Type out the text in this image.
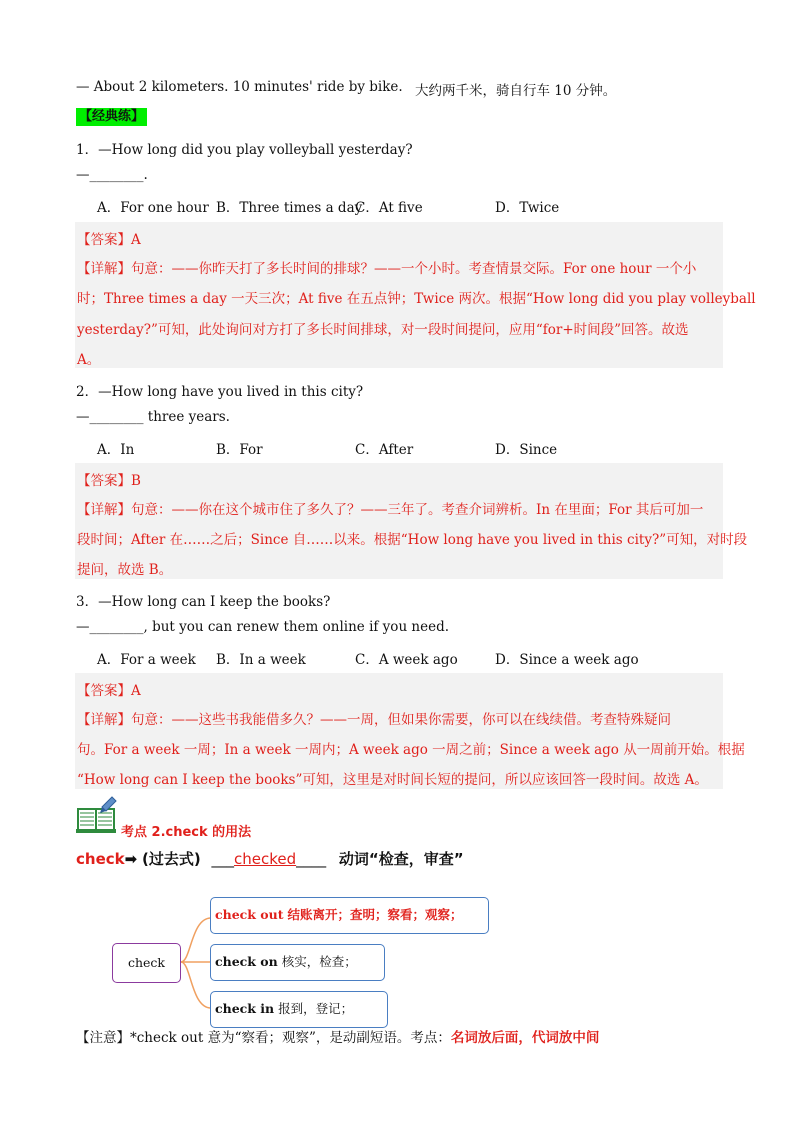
— About 2 kilometers. 10 minutes' ride by bike. 大约两千米，骑自行车 10 分钟。
【经典练】
1．—How long did you play volleyball yesterday?
—________.
A．For one hour B．Three times a day
C．At five	D．Twice
【答案】A
【详解】句意：——你昨天打了多长时间的排球？——一个小时。考查情景交际。For one hour 一个小
时；Three times a day 一天三次；At five 在五点钟；Twice 两次。根据“How long did you play volleyball
yesterday?”可知，此处询问对方打了多长时间排球，对一段时间提问，应用“for+时间段”回答。故选
A。
2．—How long have you lived in this city?
—________ three years.
A．In	B．For	C．After	D．Since
【答案】B
【详解】句意：——你在这个城市住了多久了？——三年了。考查介词辨析。In 在里面；For 其后可加一
段时间；After 在……之后；Since 自……以来。根据“How long have you lived in this city?”可知，对时段
提问，故选 B。
3．—How long can I keep the books?
—________, but you can renew them online if you need.
A．For a week B．In a week	C．A week ago	D．Since a week ago
【答案】A
【详解】句意：——这些书我能借多久？——一周，但如果你需要，你可以在线续借。考查特殊疑问
句。For a week 一周；In a week 一周内；A week ago 一周之前；Since a week ago 从一周前开始。根据
“How long can I keep the books”可知，这里是对时间长短的提问，所以应该回答一段时间。故选 A。
考点 2.check 的用法
check➡ (过去式) ___checked____ 动词“检查，审查”
check
check out 结账离开；查明；察看；观察；
check on 核实，检查；
check in 报到，登记；
【注意】*check out 意为“察看；观察”，是动副短语。考点：名词放后面，代词放中间
